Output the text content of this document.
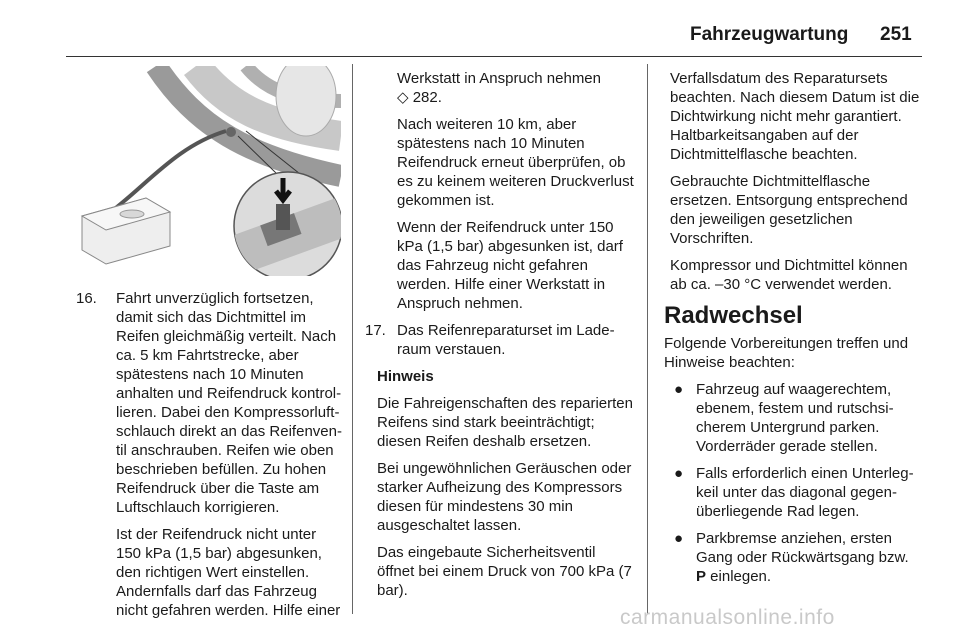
Fahrzeugwartung 251
16. Fahrt unverzüglich fortsetzen, damit sich das Dichtmittel im Reifen gleichmäßig verteilt. Nach ca. 5 km Fahrtstrecke, aber spätestens nach 10 Minuten anhalten und Reifendruck kontrollieren. Dabei den Kompressorluftschlauch direkt an das Reifenventil anschrauben. Reifen wie oben beschrieben befüllen. Zu hohen Reifendruck über die Taste am Luftschlauch korrigieren.

Ist der Reifendruck nicht unter 150 kPa (1,5 bar) abgesunken, den richtigen Wert einstellen. Andernfalls darf das Fahrzeug nicht gefahren werden. Hilfe einer

Werkstatt in Anspruch nehmen

◇ 282.

Nach weiteren 10 km, aber spätestens nach 10 Minuten Reifendruck erneut überprüfen, ob es zu keinem weiteren Druckverlust gekommen ist.

Wenn der Reifendruck unter 150 kPa (1,5 bar) abgesunken ist, darf das Fahrzeug nicht gefahren werden. Hilfe einer Werkstatt in Anspruch nehmen.

17. Das Reifenreparaturset im Laderaum verstauen.

Hinweis

Die Fahreigenschaften des reparierten Reifens sind stark beeinträchtigt; diesen Reifen deshalb ersetzen.

Bei ungewöhnlichen Geräuschen oder starker Aufheizung des Kompressors diesen für mindestens 30 min ausgeschaltet lassen.

Das eingebaute Sicherheitsventil öffnet bei einem Druck von 700 kPa (7 bar).

Verfallsdatum des Reparatursets beachten. Nach diesem Datum ist die Dichtwirkung nicht mehr garantiert. Haltbarkeitsangaben auf der Dichtmittelflasche beachten.

Gebrauchte Dichtmittelflasche ersetzen. Entsorgung entsprechend den jeweiligen gesetzlichen Vorschriften.

Kompressor und Dichtmittel können ab ca. –30 °C verwendet werden.

Radwechsel

Folgende Vorbereitungen treffen und Hinweise beachten:

● Fahrzeug auf waagerechtem, ebenem, festem und rutschsicherem Untergrund parken. Vorderräder gerade stellen.
● Falls erforderlich einen Unterlegkeil unter das diagonal gegenüberliegende Rad legen.
● Parkbremse anziehen, ersten Gang oder Rückwärtsgang bzw.
P einlegen.
carmanualsonline.info
